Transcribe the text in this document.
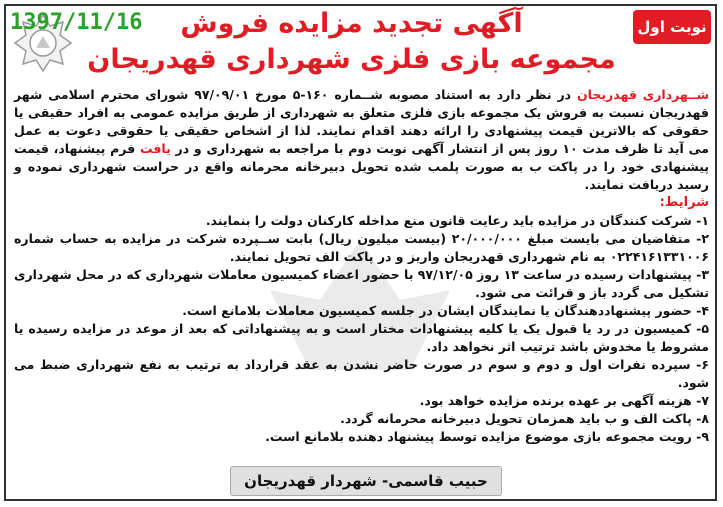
1397/11/16	نوبت اول
آگهی تجدید مزایده فروش
مجموعه بازی فلزی شهرداری قهدریجان
شــهرداری قهدریجان در نظر دارد به استناد مصوبه شــماره ۱۶۰-۵ مورخ ۹۷/۰۹/۰۱ شورای محترم اسلامی شهر قهدریجان نسبت به فروش یک مجموعه بازی فلزی متعلق به شهرداری از طریق مزایده عمومی به افراد حقیقی یا حقوقی که بالاترین قیمت پیشنهادی را ارائه دهند اقدام نمایند. لذا از اشخاص حقیقی یا حقوقی دعوت به عمل می آید تا ظرف مدت ۱۰ روز پس از انتشار آگهی نوبت دوم با مراجعه به شهرداری و در یافت فرم پیشنهاد، قیمت پیشنهادی خود را در پاکت ب به صورت پلمب شده تحویل دبیرخانه محرمانه واقع در حراست شهرداری نموده و رسید دریافت نمایند.
شرایط:

۱- شرکت کنندگان در مزایده باید رعایت قانون منع مداخله کارکنان دولت را بنمایند.

۲- متقاضیان می بایست مبلغ ۲۰/۰۰۰/۰۰۰ (بیست میلیون ریال) بابت ســپرده شرکت در مزایده به حساب شماره ۰۲۲۴۱۶۱۳۳۱۰۰۶ به نام شهرداری قهدریجان واریز و در پاکت الف تحویل نمایند.

۳- پیشنهادات رسیده در ساعت ۱۳ روز ۹۷/۱۲/۰۵ با حضور اعضاء کمیسیون معاملات شهرداری که در محل شهرداری تشکیل می گردد باز و قرائت می شود.

۴- حضور پیشنهاددهندگان یا نمایندگان ایشان در جلسه کمیسیون معاملات بلامانع است.

۵- کمیسیون در رد یا قبول یک یا کلیه پیشنهادات مختار است و به پیشنهاداتی که بعد از موعد در مزایده رسیده یا مشروط یا مخدوش باشد ترتیب اثر نخواهد داد.

۶- سپرده نفرات اول و دوم و سوم در صورت حاضر نشدن به عقد قرارداد به ترتیب به نفع شهرداری ضبط می شود.

۷- هزینه آگهی بر عهده برنده مزایده خواهد بود.

۸- پاکت الف و ب باید همزمان تحویل دبیرخانه محرمانه گردد.

۹- رویت مجموعه بازی موضوع مزایده توسط پیشنهاد دهنده بلامانع است.

حبیب قاسمی- شهردار قهدریجان
